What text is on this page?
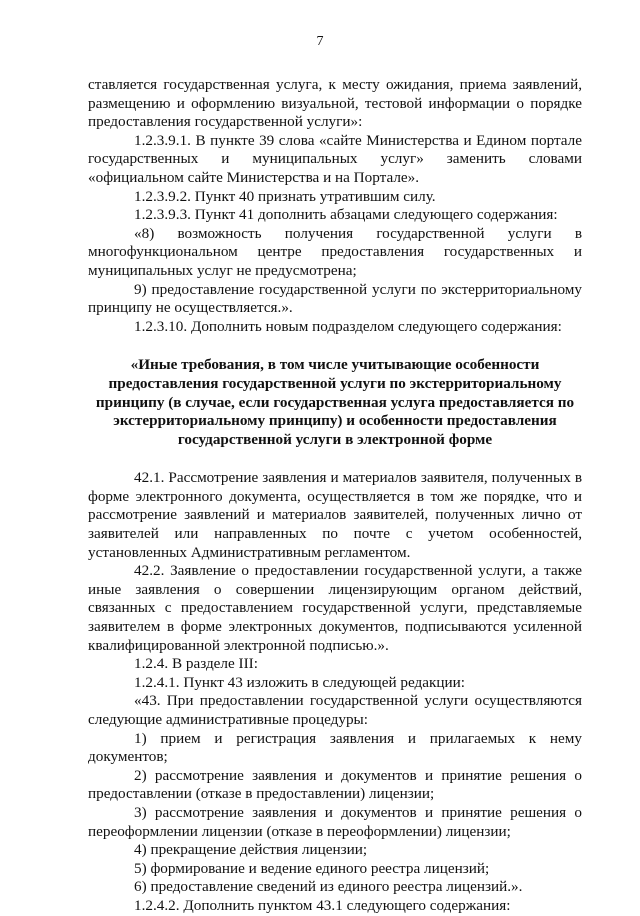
7

ставляется государственная услуга, к месту ожидания, приема заявлений, размещению и оформлению визуальной, тестовой информации о порядке предоставления государственной услуги»:

1.2.3.9.1. В пункте 39 слова «сайте Министерства и Едином портале государственных и муниципальных услуг» заменить словами «официальном сайте Министерства и на Портале».

1.2.3.9.2. Пункт 40 признать утратившим силу.

1.2.3.9.3. Пункт 41 дополнить абзацами следующего содержания:

«8) возможность получения государственной услуги в многофункциональном центре предоставления государственных и муниципальных услуг не предусмотрена;

9) предоставление государственной услуги по экстерриториальному принципу не осуществляется.».

1.2.3.10. Дополнить новым подразделом следующего содержания:

«Иные требования, в том числе учитывающие особенности предоставления государственной услуги по экстерриториальному принципу (в случае, если государственная услуга предоставляется по экстерриториальному принципу) и особенности предоставления государственной услуги в электронной форме

42.1. Рассмотрение заявления и материалов заявителя, полученных в форме электронного документа, осуществляется в том же порядке, что и рассмотрение заявлений и материалов заявителей, полученных лично от заявителей или направленных по почте с учетом особенностей, установленных Административным регламентом.

42.2. Заявление о предоставлении государственной услуги, а также иные заявления о совершении лицензирующим органом действий, связанных с предоставлением государственной услуги, представляемые заявителем в форме электронных документов, подписываются усиленной квалифицированной электронной подписью.».

1.2.4. В разделе III:

1.2.4.1. Пункт 43 изложить в следующей редакции:

«43. При предоставлении государственной услуги осуществляются следующие административные процедуры:

1) прием и регистрация заявления и прилагаемых к нему документов;

2) рассмотрение заявления и документов и принятие решения о предоставлении (отказе в предоставлении) лицензии;

3) рассмотрение заявления и документов и принятие решения о переоформлении лицензии (отказе в переоформлении) лицензии;

4) прекращение действия лицензии;

5) формирование и ведение единого реестра лицензий;

6) предоставление сведений из единого реестра лицензий.».

1.2.4.2. Дополнить пунктом 43.1 следующего содержания:
